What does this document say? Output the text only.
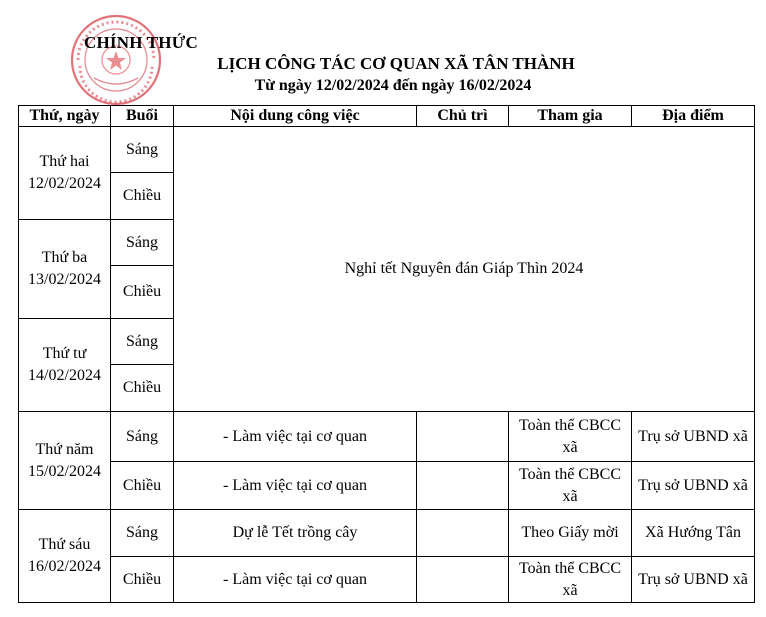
CHÍNH THỨC
LỊCH CÔNG TÁC CƠ QUAN XÃ TÂN THÀNH
Từ ngày 12/02/2024 đến ngày 16/02/2024
Thứ, ngày	Buổi	Nội dung công việc	Chủ trì	Tham gia	Địa điểm
Thứ hai
12/02/2024	Sáng	Nghỉ tết Nguyên đán Giáp Thìn 2024			
	Chiều				
Thứ ba
13/02/2024	Sáng				
	Chiều				
Thứ tư
14/02/2024	Sáng				
	Chiều				
Thứ năm
15/02/2024	Sáng	- Làm việc tại cơ quan		Toàn thể CBCC xã	Trụ sở UBND xã
	Chiều	- Làm việc tại cơ quan		Toàn thể CBCC xã	Trụ sở UBND xã
Thứ sáu
16/02/2024	Sáng	Dự lễ Tết trồng cây		Theo Giấy mời	Xã Hướng Tân
	Chiều	- Làm việc tại cơ quan		Toàn thể CBCC xã	Trụ sở UBND xã
